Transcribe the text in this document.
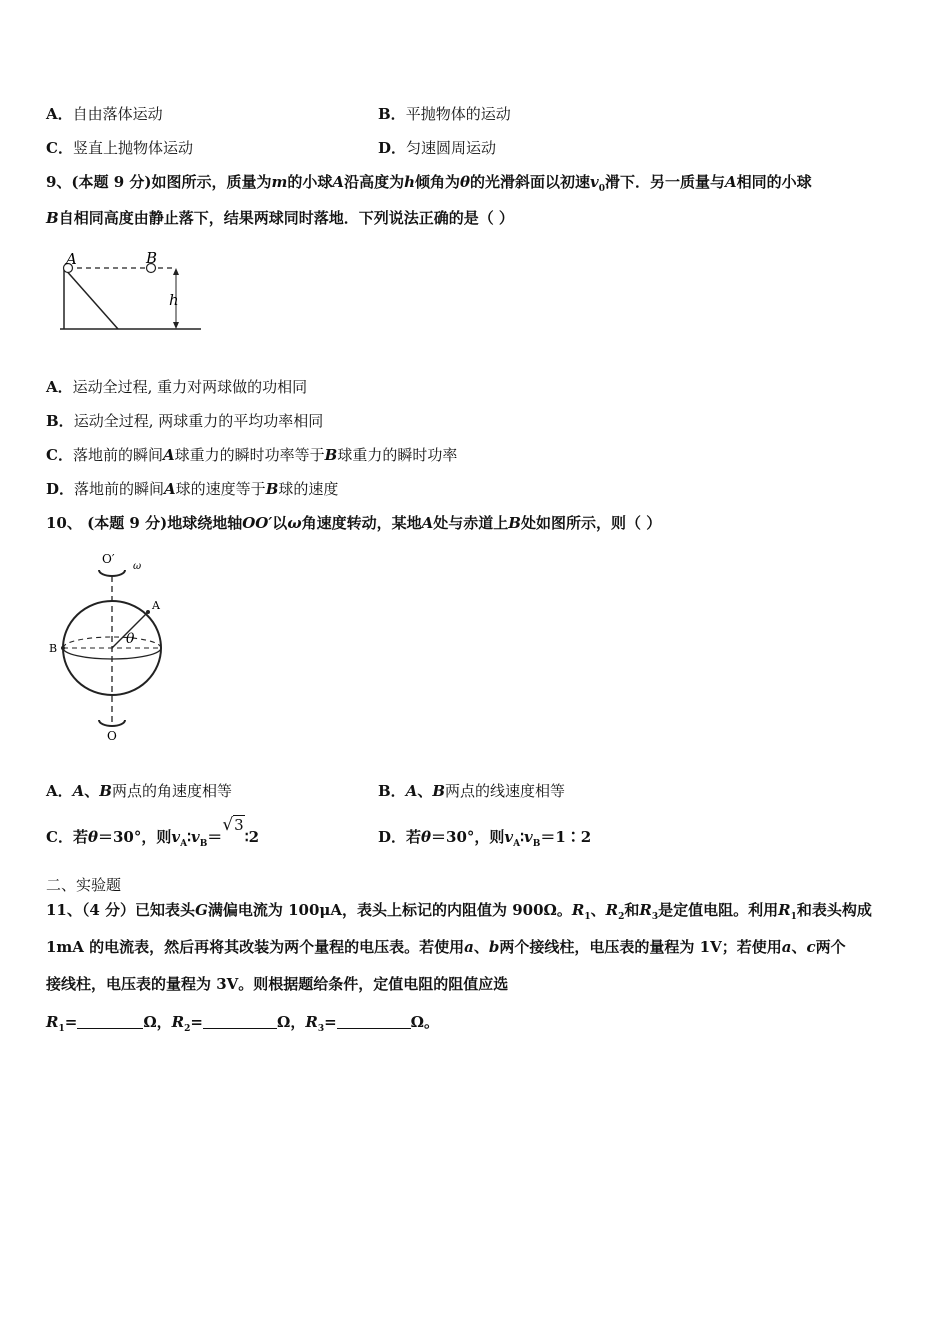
A．自由落体运动	B．平抛物体的运动
C．竖直上抛物体运动	D．匀速圆周运动
9、(本题 9 分)如图所示，质量为m的小球A沿高度为h倾角为θ的光滑斜面以初速$v_0$滑下．另一质量与A相同的小球
B自相同高度由静止落下，结果两球同时落地．下列说法正确的是（ ）
A	B
h
A．运动全过程, 重力对两球做的功相同
B．运动全过程, 两球重力的平均功率相同
C．落地前的瞬间A球重力的瞬时功率等于B球重力的瞬时功率
D．落地前的瞬间A球的速度等于B球的速度
10、 (本题 9 分)地球绕地轴OO′以ω角速度转动，某地A处与赤道上B处如图所示，则（ ）
O′
ω
A
B
θ
O
A．A、B两点的角速度相等	B．A、B两点的线速度相等
C．若θ＝30°，则$v_A∶v_B=√3∶2$	D．若θ＝30°，则$v_A∶v_B=1∶2$
二、实验题
11、（4 分）已知表头G满偏电流为 100μA，表头上标记的内阻值为 900Ω。$R_1$、$R_2$和$R_3$是定值电阻。利用$R_1$和表头构成
1mA 的电流表，然后再将其改装为两个量程的电压表。若使用a、b两个接线柱，电压表的量程为 1V；若使用a、c两个
接线柱，电压表的量程为 3V。则根据题给条件，定值电阻的阻值应选
$R_1=$	Ω，$R_2=$	Ω，$R_3=$	Ω。
